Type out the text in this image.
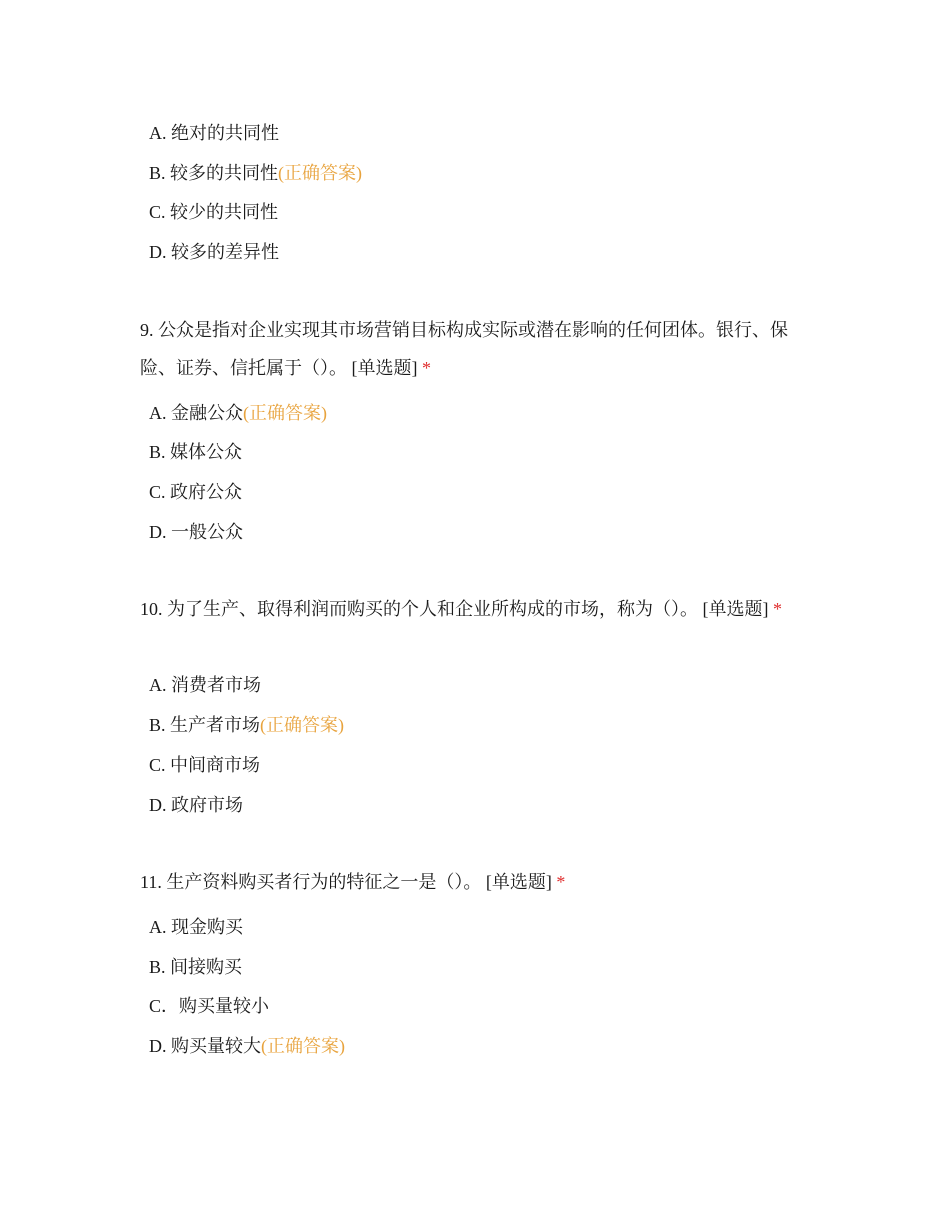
A. 绝对的共同性
B. 较多的共同性(正确答案)
C. 较少的共同性
D. 较多的差异性
9. 公众是指对企业实现其市场营销目标构成实际或潜在影响的任何团体。银行、保险、证券、信托属于（）。 [单选题] *
A. 金融公众(正确答案)
B. 媒体公众
C. 政府公众
D. 一般公众
10. 为了生产、取得利润而购买的个人和企业所构成的市场，称为（）。 [单选题] *
A. 消费者市场
B. 生产者市场(正确答案)
C. 中间商市场
D. 政府市场
11. 生产资料购买者行为的特征之一是（）。 [单选题] *
A. 现金购买
B. 间接购买
C．购买量较小
D. 购买量较大(正确答案)
